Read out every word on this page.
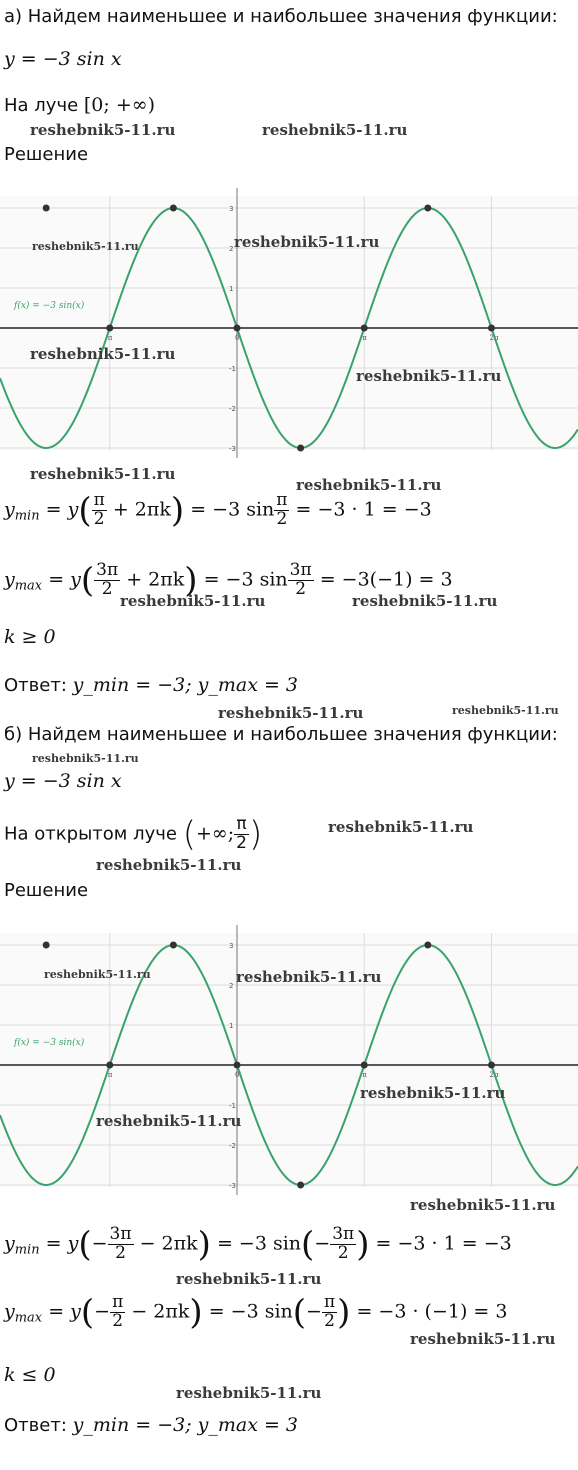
а) Найдем наименьшее и наибольшее значения функции:
y = −3 sin x
На луче [0; +∞)
reshebnik5-11.ru	reshebnik5-11.ru
Решение
3
2
1
-1
-2
-3
π	0	π	2π
f(x) = −3 sin(x)
reshebnik5-11.ru	reshebnik5-11.ru
reshebnik5-11.ru
reshebnik5-11.ru
reshebnik5-11.ru
reshebnik5-11.ru
$y_{min} = y( \frac{\pi}{2} + 2\pi k) = -3$ $\sin \frac{\pi}{2} = -3 \cdot 1 = -3$
$y_{max} = y( \frac{3\pi}{2} + 2\pi k) = -3$ $\sin \frac{3\pi}{2} = -3(-1) = 3$
reshebnik5-11.ru	reshebnik5-11.ru
k ≥ 0
Ответ: y_min = −3; y_max = 3
reshebnik5-11.ru	reshebnik5-11.ru
б) Найдем наименьшее и наибольшее значения функции:
reshebnik5-11.ru
y = −3 sin x
На открытом луче (+∞; $\frac{\pi}{2}$ )	reshebnik5-11.ru
reshebnik5-11.ru
Решение
3
2
1
-1
-2
-3
π	0	π	2π
f(x) = −3 sin(x)
reshebnik5-11.ru	reshebnik5-11.ru
reshebnik5-11.ru
reshebnik5-11.ru
reshebnik5-11.ru
$y_{min} = y(- \frac{3\pi}{2} - 2\pi k) = -3$ $\sin(- \frac{3\pi}{2}$ ) = −3 · 1 = −3
reshebnik5-11.ru
$y_{max} = y(- \frac{\pi}{2} - 2\pi k) = -3$ $\sin(- \frac{\pi}{2}$ ) = −3 · (−1) = 3
reshebnik5-11.ru
k ≤ 0
reshebnik5-11.ru
Ответ: y_min = −3; y_max = 3
